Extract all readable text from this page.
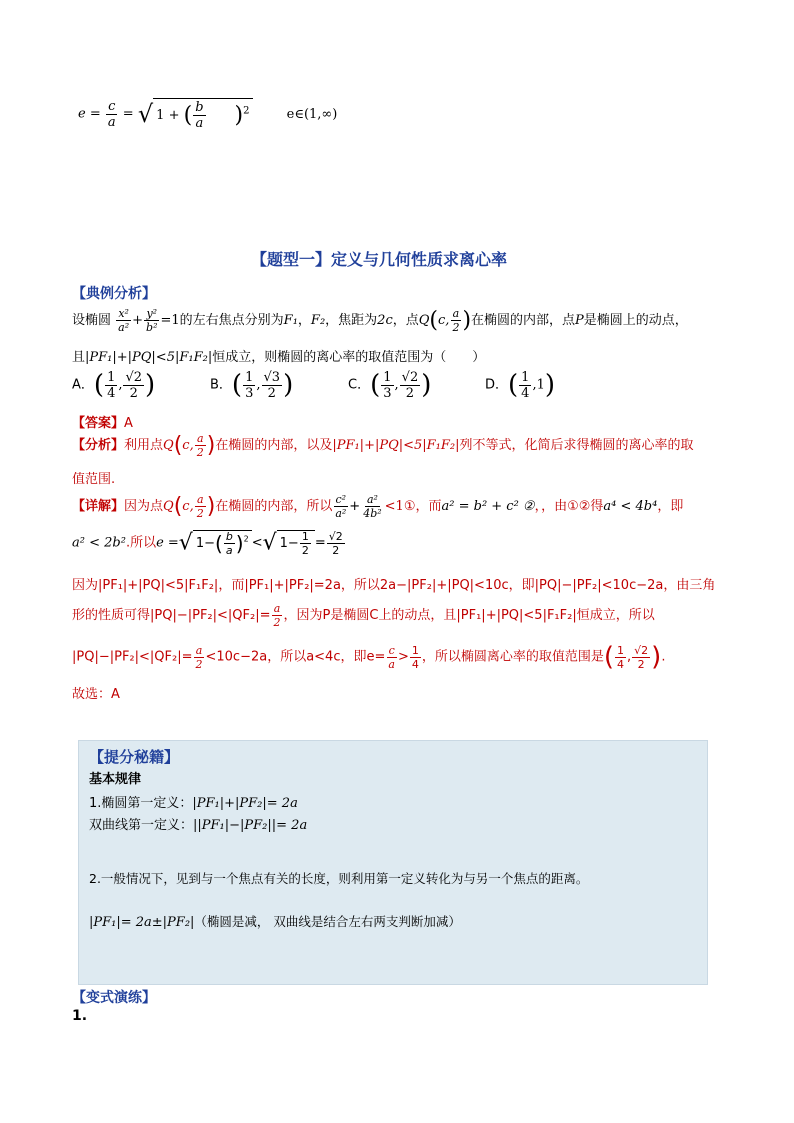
$e = \frac{c}{a}$ = √ 1 + ( $\frac{b}{a} )^2$	e∈(1,∞)
【题型一】定义与几何性质求离心率
【典例分析】
设椭圆 $\frac{\text{x²}}{\text{a²}} + \frac{\text{y²}}{\text{b²}} =1$的左右焦点分别为F₁，F₂，焦距为2c，点Q(c, $\frac{a}{2}$ )在椭圆的内部，点P是椭圆上的动点，
且|PF₁|+|PQ|<5|F₁F₂|恒成立，则椭圆的离心率的取值范围为（　　）
A．( $\frac{1}{4}$ , $\frac{√2}{2}$ )	B．( $\frac{1}{3}$ , $\frac{√3}{2}$ )	C．( $\frac{1}{3}$ , $\frac{√2}{2}$ )	D．( $\frac{1}{4} ,1$)
【答案】A
【分析】利用点Q(c, $\frac{a}{2}$ )在椭圆的内部，以及|PF₁|+|PQ|<5|F₁F₂|列不等式，化简后求得椭圆的离心率的取
值范围.
【详解】因为点Q(c, $\frac{a}{2}$ )在椭圆的内部，所以 $\frac{\text{c²}}{\text{a²}} + \frac{\text{a²}}{\text{4b²}}$ <1①，而a² = b² + c² ②，，由①②得a⁴ < 4b⁴，即
a² < 2b².所以e =√ $1-( \frac{b}{a} )^2$ <√ $1- \frac{1}{2} = \frac{√2}{2}$
因为|PF₁|+|PQ|<5|F₁F₂|，而|PF₁|+|PF₂|=2a，所以2a−|PF₂|+|PQ|<10c，即|PQ|−|PF₂|<10c−2a，由三角
形的性质可得$|PQ|-|PF_2|<|QF_2|= \frac{a}{2}$ ，因为P是椭圆C上的动点，且|PF₁|+|PQ|<5|F₁F₂|恒成立，所以
$|PQ|-|PF_2|<|QF_2|= \frac{a}{2} <10c-2a$，所以a<4c，即$e= \frac{c}{a} > \frac{1}{4}$ ，所以椭圆离心率的取值范围是( $\frac{1}{4}$ , $\frac{√2}{2}$ ).
故选：A
【提分秘籍】
基本规律
1.椭圆第一定义：|PF₁|+|PF₂|= 2a
双曲线第一定义：||PF₁|−|PF₂||= 2a
2.一般情况下，见到与一个焦点有关的长度，则利用第一定义转化为与另一个焦点的距离。
|PF₁|= 2a±|PF₂|（椭圆是减， 双曲线是结合左右两支判断加减）
【变式演练】
1.
